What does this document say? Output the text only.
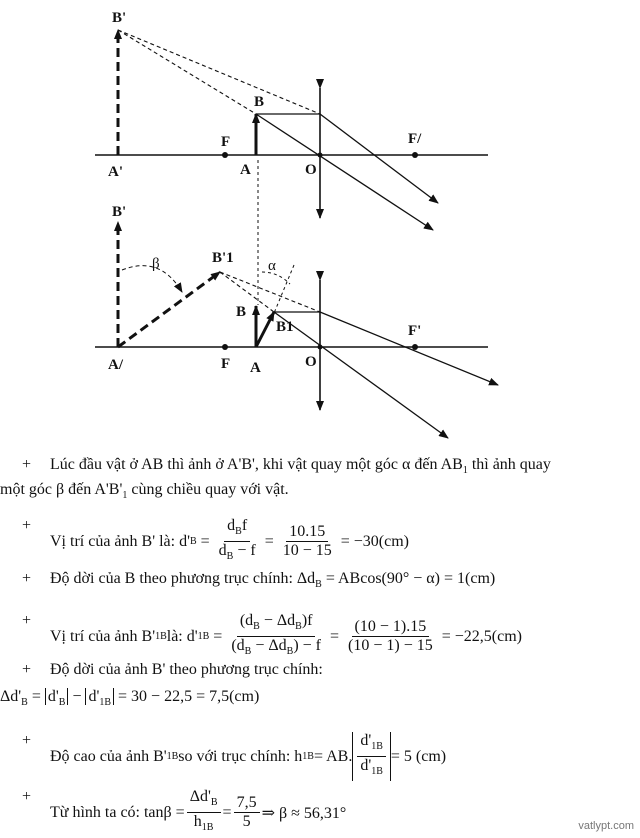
B'
A'
B
A
F
O
F/
B'
A/
B'1
β	α
B
B1
F A	O
F'
+ Lúc đầu vật ở AB thì ảnh ở A'B', khi vật quay một góc α đến $AB_1$ thì ảnh quay
một góc β đến $A'B'_1$ cùng chiều quay với vật.
+
Vị trí của ảnh B' là: d' $B = \frac{d_Bf}{d_B - f} = \frac{10.15}{10 - 15}$
= −30(cm)
+ Độ dời của B theo phương trục chính: $\Delta d_B = ABcos(90^\circ - \alpha) = 1(cm)$
+
Vị trí của ảnh B' 1B là: d' $1B = \frac{(d_B - \Delta d_B)f}{(d_B - \Delta d_B) - f} = \frac{(10 - 1).15}{(10 - 1) - 15}$
= −22,5(cm)
+ Độ dời của ảnh B' theo phương trục chính:
$\Delta d'_B = d'_B - d'_{1B} = 30 - 22,5 = 7,5(cm)$
+
Độ cao của ảnh B' 1B so với trục chính: h 1B = AB. $\frac{d'_{1B}}{d'_{1B}} = 5$ (cm)
+
Từ hình ta có: $\tan\beta = \frac{\Delta d'_B}{h_{1B}} = \frac{7,5}{5}$ ⇒ β ≈ 56,31°
vatlypt.com
